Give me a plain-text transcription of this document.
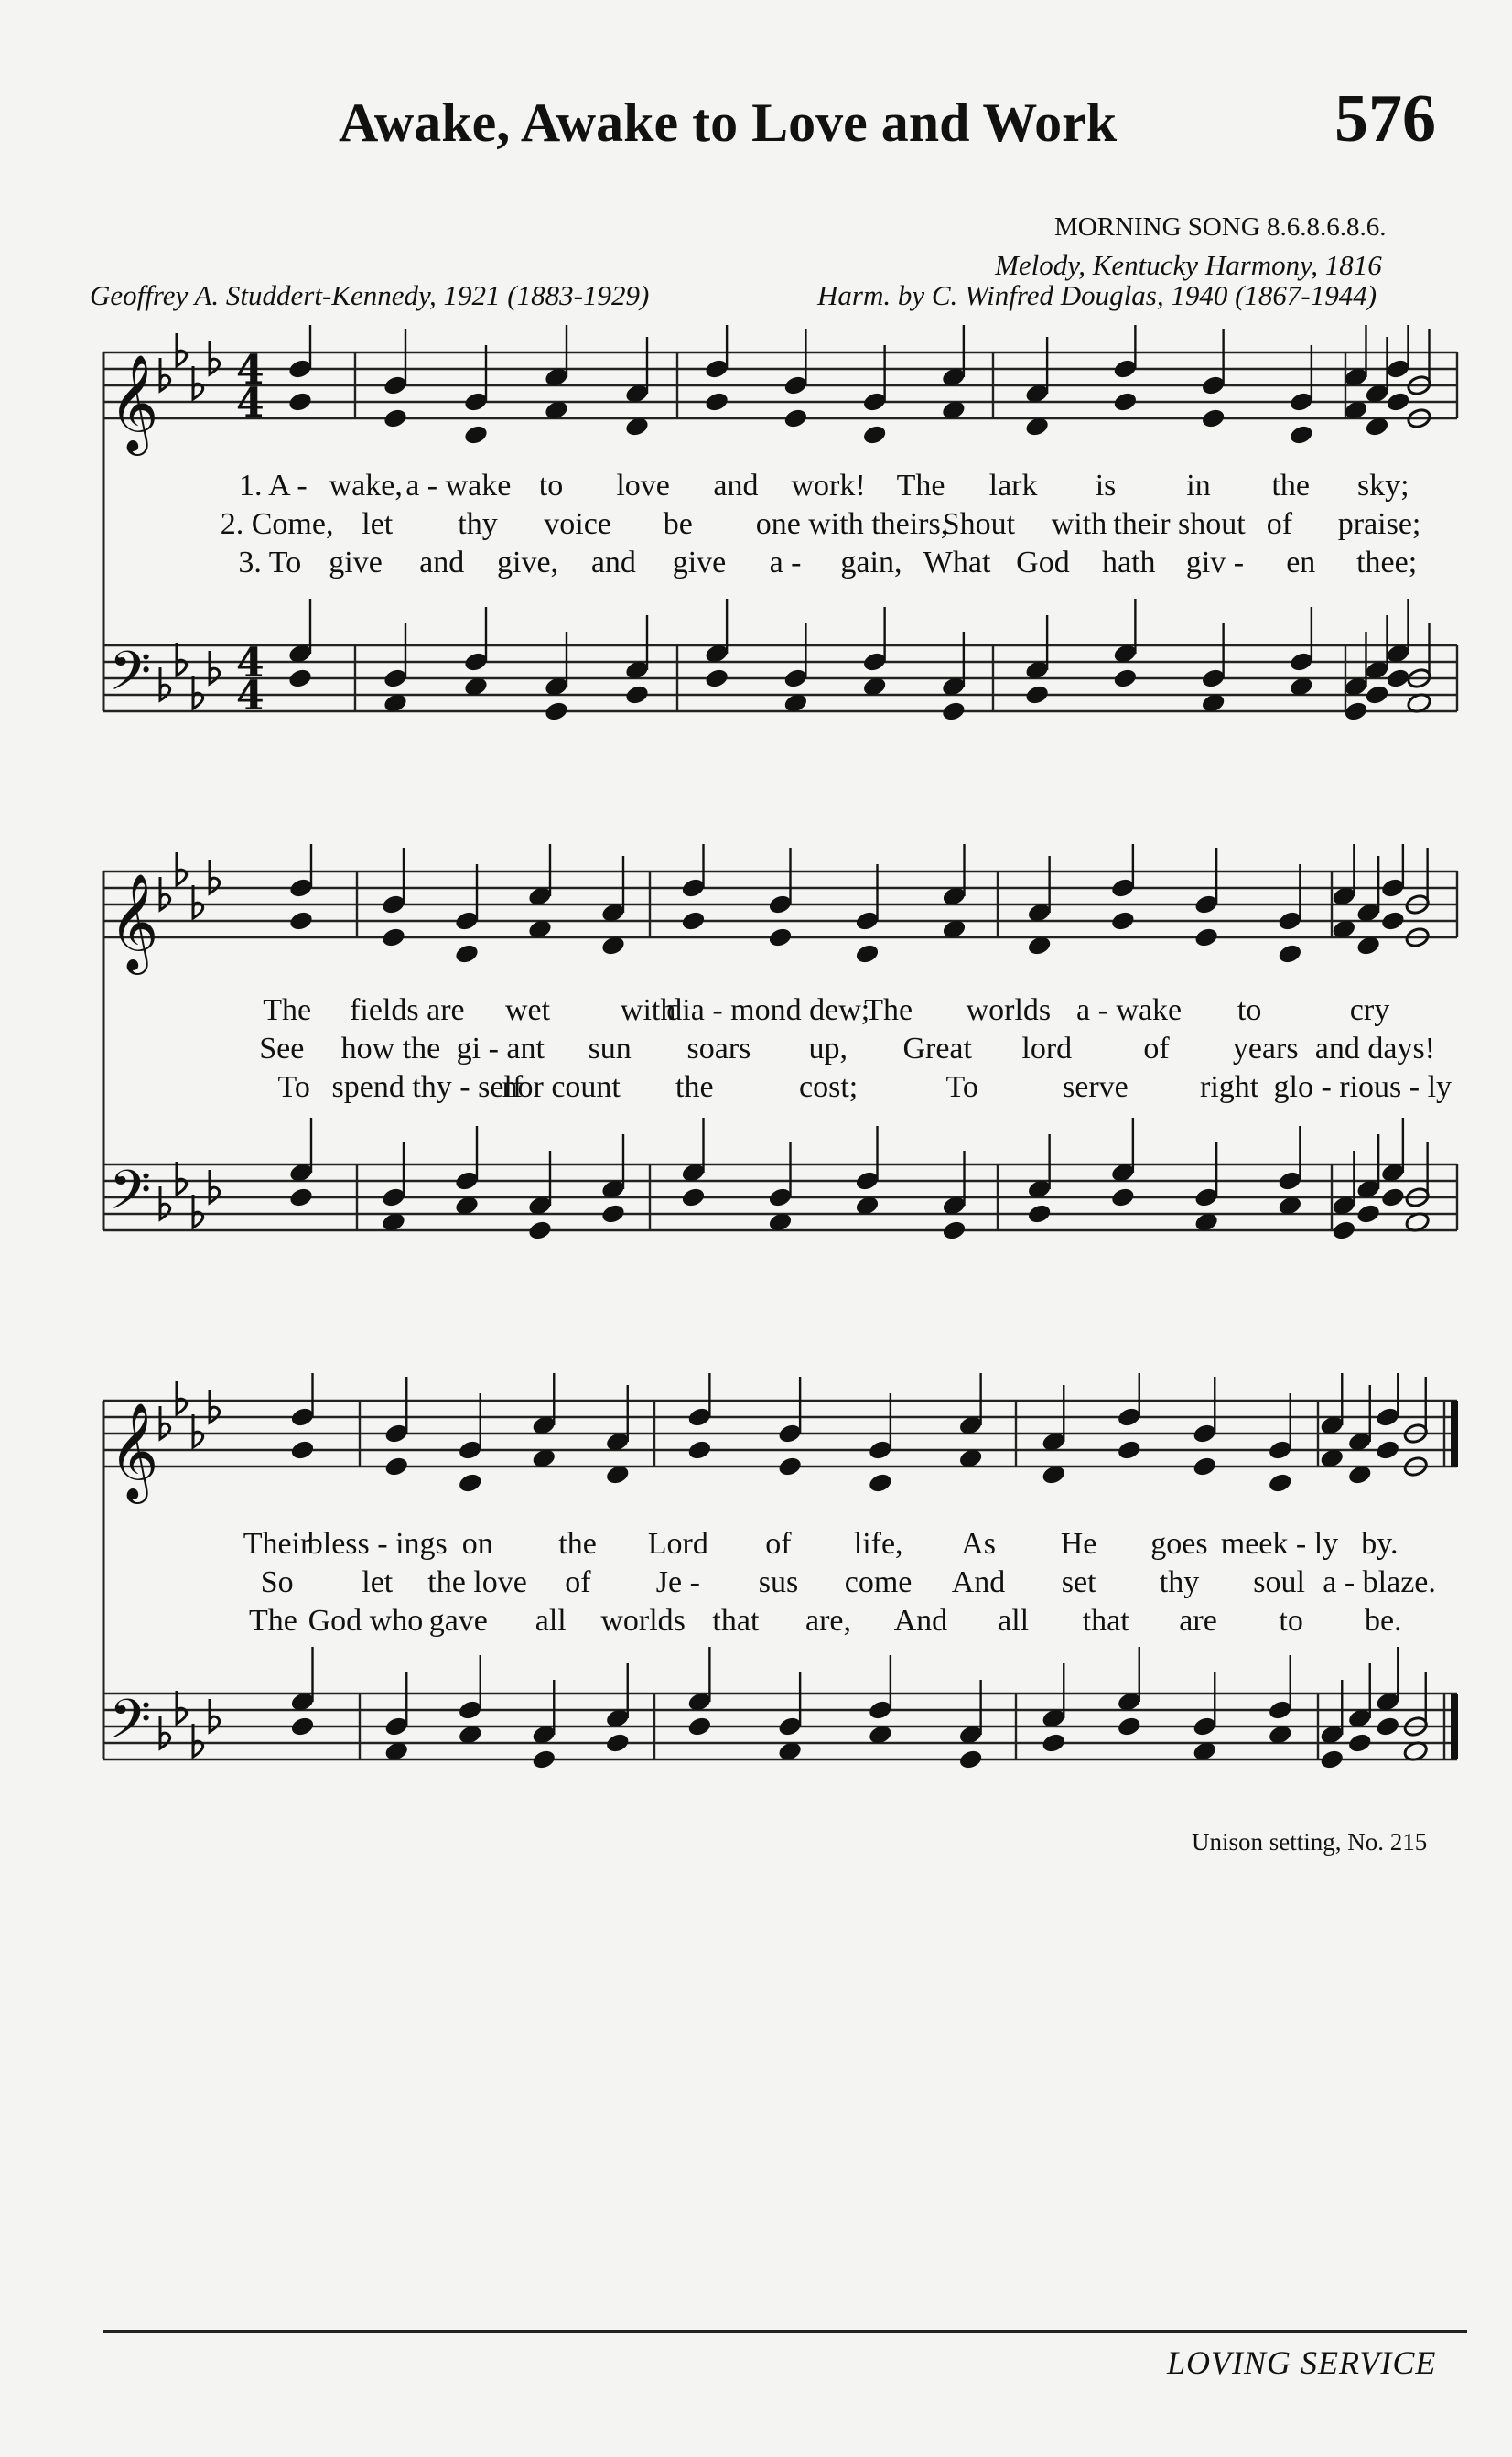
Awake, Awake to Love and Work	576
MORNING SONG 8.6.8.6.8.6.
Melody, Kentucky Harmony, 1816
Geoffrey A. Studdert-Kennedy, 1921 (1883-1929)	Harm. by C. Winfred Douglas, 1940 (1867-1944)
𝄞
𝄢
4
4
4
4
𝄞
𝄢
𝄞
𝄢
Unison setting, No. 215
LOVING SERVICE
1. A - wake, a - wake to love and work! The lark is in the sky;
2. Come, let thy voice be one with theirs,
Shout with their shout of praise;
3. To give and give, and give a - gain, What God hath giv - en thee;
The fields are wet with
dia - mond dew;
The worlds a - wake to	cry
See how the gi - ant sun soars up, Great lord of years and days!
To spend thy - self
nor count the	cost;	To	serve right glo - rious - ly
Their
bless - ings on the Lord of life, As He goes meek - ly by.
So let the love of Je - sus come And set thy soul a - blaze.
The God who gave all worlds that are, And all that are to be.
